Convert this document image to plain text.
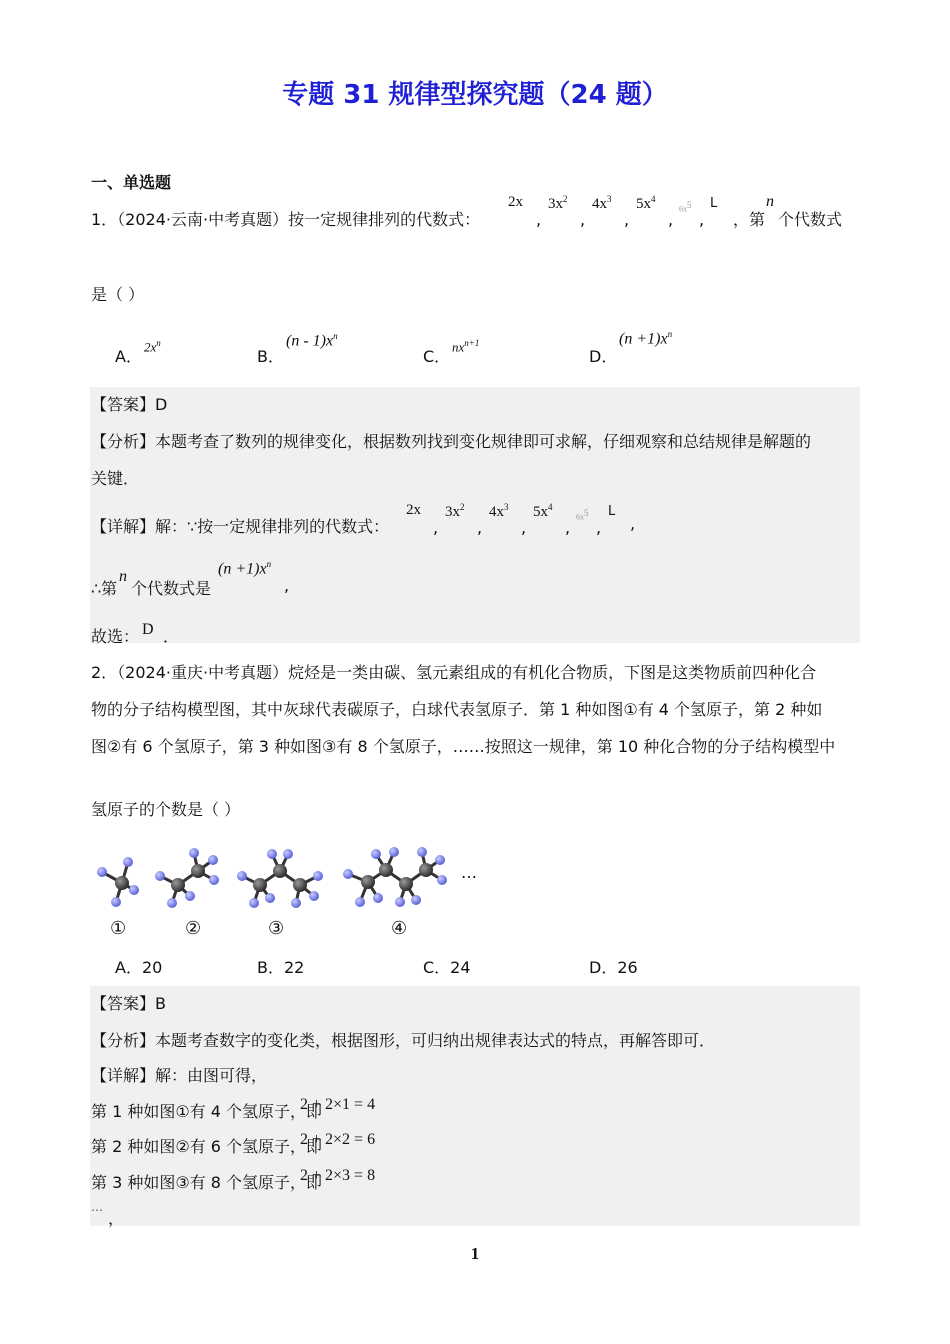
专题 31 规律型探究题（24 题）
一、单选题
1．（2024·云南·中考真题）按一定规律排列的代数式：
2x
,
$3x^2$
,
$4x^3$
,
$5x^4$
,
$6x^5$
,
L
，第
n
个代数式
是（ ）
A．
$2x^n$
B．
$(n - 1)x^n$
C．
$nx^{n+1}$
D．
$(n +1)x^n$
【答案】D
【分析】本题考查了数列的规律变化，根据数列找到变化规律即可求解，仔细观察和总结规律是解题的
关键．
【详解】解：∵按一定规律排列的代数式：
2x
,
$3x^2$
,
$4x^3$
,
$5x^4$
,
$6x^5$
,
L
,
∴第
n
个代数式是
$(n +1)x^n$
,
故选： D ．
2．（2024·重庆·中考真题）烷烃是一类由碳、氢元素组成的有机化合物质，下图是这类物质前四种化合
物的分子结构模型图，其中灰球代表碳原子，白球代表氢原子．第 1 种如图①有 4 个氢原子，第 2 种如
图②有 6 个氢原子，第 3 种如图③有 8 个氢原子，……按照这一规律，第 10 种化合物的分子结构模型中
氢原子的个数是（ ）
…
①	②	③	④
A．20	B．22	C．24	D．26
【答案】B
【分析】本题考查数字的变化类，根据图形，可归纳出规律表达式的特点，再解答即可．
【详解】解：由图可得，
第 1 种如图①有 4 个氢原子，即
2 + 2×1 = 4
第 2 种如图②有 6 个氢原子，即
2 + 2×2 = 6
第 3 种如图③有 8 个氢原子，即
2 + 2×3 = 8
…
，
1
